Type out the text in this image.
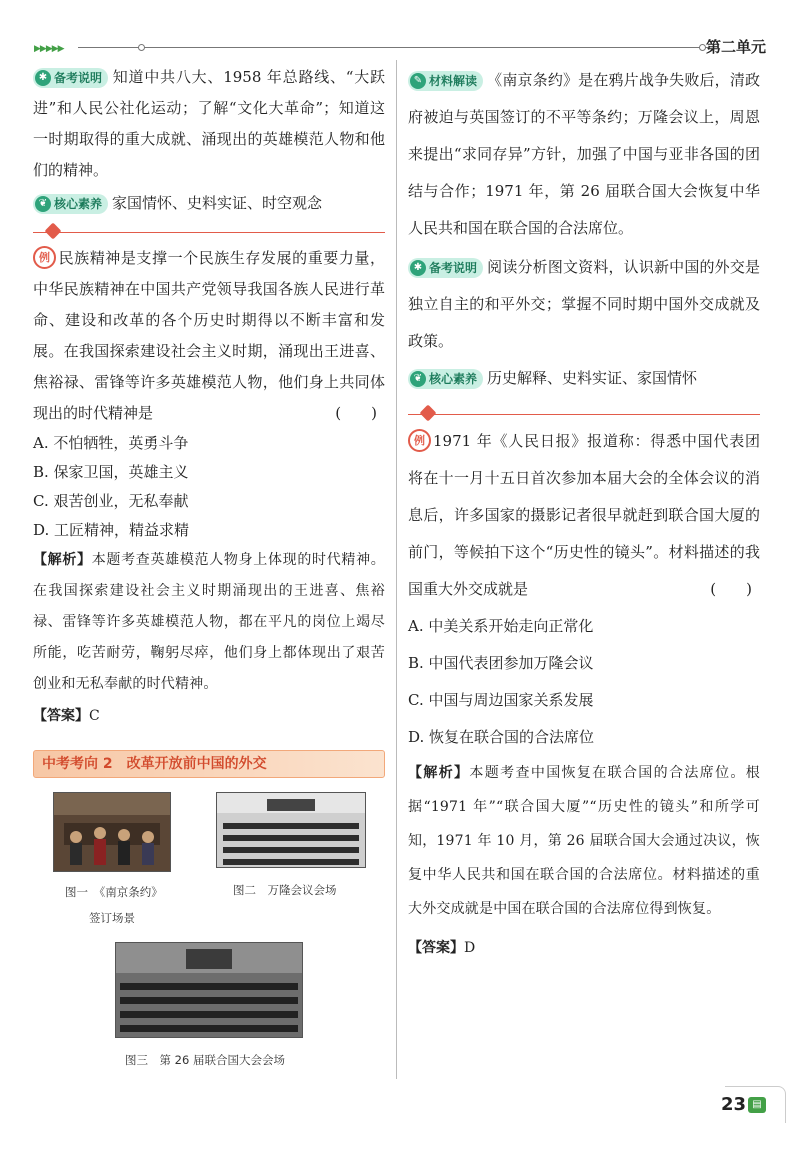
▶▶▶▶▶	第二单元

✱ 备考说明 知道中共八大、1958 年总路线、“大跃进”和人民公社化运动；了解“文化大革命”；知道这一时期取得的重大成就、涌现出的英雄模范人物和他们的精神。

❦ 核心素养 家国情怀、史料实证、时空观念

例 民族精神是支撑一个民族生存发展的重要力量，中华民族精神在中国共产党领导我国各族人民进行革命、建设和改革的各个历史时期得以不断丰富和发展。在我国探索建设社会主义时期，涌现出王进喜、焦裕禄、雷锋等许多英雄模范人物，他们身上共同体现出的时代精神是	(　　)

A. 不怕牺牲，英勇斗争

B. 保家卫国，英雄主义

C. 艰苦创业，无私奉献

D. 工匠精神，精益求精

【解析】本题考查英雄模范人物身上体现的时代精神。在我国探索建设社会主义时期涌现出的王进喜、焦裕禄、雷锋等许多英雄模范人物，都在平凡的岗位上竭尽所能，吃苦耐劳，鞠躬尽瘁，他们身上都体现出了艰苦创业和无私奉献的时代精神。

【答案】C

中考考向 2　改革开放前中国的外交
图一　《南京条约》
签订场景
图二　万隆会议会场
图三　第 26 届联合国大会会场

✎ 材料解读 《南京条约》是在鸦片战争失败后，清政府被迫与英国签订的不平等条约；万隆会议上，周恩来提出“求同存异”方针，加强了中国与亚非各国的团结与合作；1971 年，第 26 届联合国大会恢复中华人民共和国在联合国的合法席位。

✱ 备考说明 阅读分析图文资料，认识新中国的外交是独立自主的和平外交；掌握不同时期中国外交成就及政策。

❦ 核心素养 历史解释、史料实证、家国情怀

例 1971 年《人民日报》报道称：得悉中国代表团将在十一月十五日首次参加本届大会的全体会议的消息后，许多国家的摄影记者很早就赶到联合国大厦的前门，等候拍下这个“历史性的镜头”。材料描述的我国重大外交成就是	(　　)

A. 中美关系开始走向正常化

B. 中国代表团参加万隆会议

C. 中国与周边国家关系发展

D. 恢复在联合国的合法席位

【解析】本题考查中国恢复在联合国的合法席位。根据“1971 年”“联合国大厦”“历史性的镜头”和所学可知，1971 年 10 月，第 26 届联合国大会通过决议，恢复中华人民共和国在联合国的合法席位。材料描述的重大外交成就是中国在联合国的合法席位得到恢复。

【答案】D

23 ▤
